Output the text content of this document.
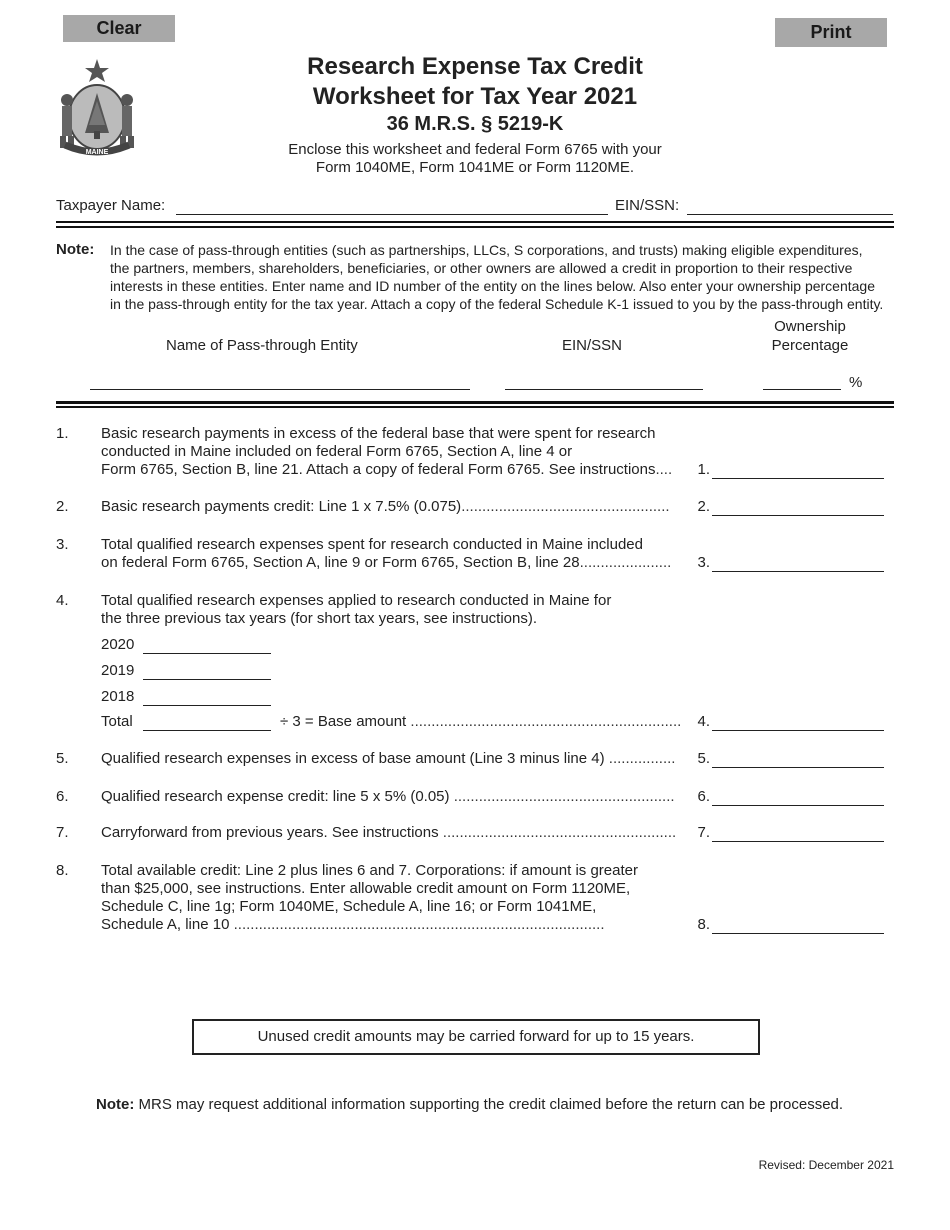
Clear	Print
MAINE
Research Expense Tax Credit
Worksheet for Tax Year 2021
36 M.R.S. § 5219-K
Enclose this worksheet and federal Form 6765 with your
Form 1040ME, Form 1041ME or Form 1120ME.
Taxpayer Name:	EIN/SSN:
Note: In the case of pass-through entities (such as partnerships, LLCs, S corporations, and trusts) making eligible expenditures,
the partners, members, shareholders, beneficiaries, or other owners are allowed a credit in proportion to their respective
interests in these entities. Enter name and ID number of the entity on the lines below. Also enter your ownership percentage
in the pass-through entity for the tax year. Attach a copy of the federal Schedule K-1 issued to you by the pass-through entity.
Name of Pass-through Entity	EIN/SSN
Ownership
Percentage
%
1. Basic research payments in excess of the federal base that were spent for research
conducted in Maine included on federal Form 6765, Section A, line 4 or
Form 6765, Section B, line 21. Attach a copy of federal Form 6765. See instructions.... 1.
2. Basic research payments credit: Line 1 x 7.5% (0.075).................................................. 2.
3. Total qualified research expenses spent for research conducted in Maine included
on federal Form 6765, Section A, line 9 or Form 6765, Section B, line 28...................... 3.
4. Total qualified research expenses applied to research conducted in Maine for
the three previous tax years (for short tax years, see instructions).
2020
2019
2018
Total	÷ 3 = Base amount ................................................................. 4.
5. Qualified research expenses in excess of base amount (Line 3 minus line 4) ................ 5.
6. Qualified research expense credit: line 5 x 5% (0.05) ..................................................... 6.
7. Carryforward from previous years. See instructions ........................................................ 7.
8. Total available credit: Line 2 plus lines 6 and 7. Corporations: if amount is greater
than $25,000, see instructions. Enter allowable credit amount on Form 1120ME,
Schedule C, line 1g; Form 1040ME, Schedule A, line 16; or Form 1041ME,
Schedule A, line 10 .........................................................................................	8.
Unused credit amounts may be carried forward for up to 15 years.
Note: MRS may request additional information supporting the credit claimed before the return can be processed.
Revised: December 2021
